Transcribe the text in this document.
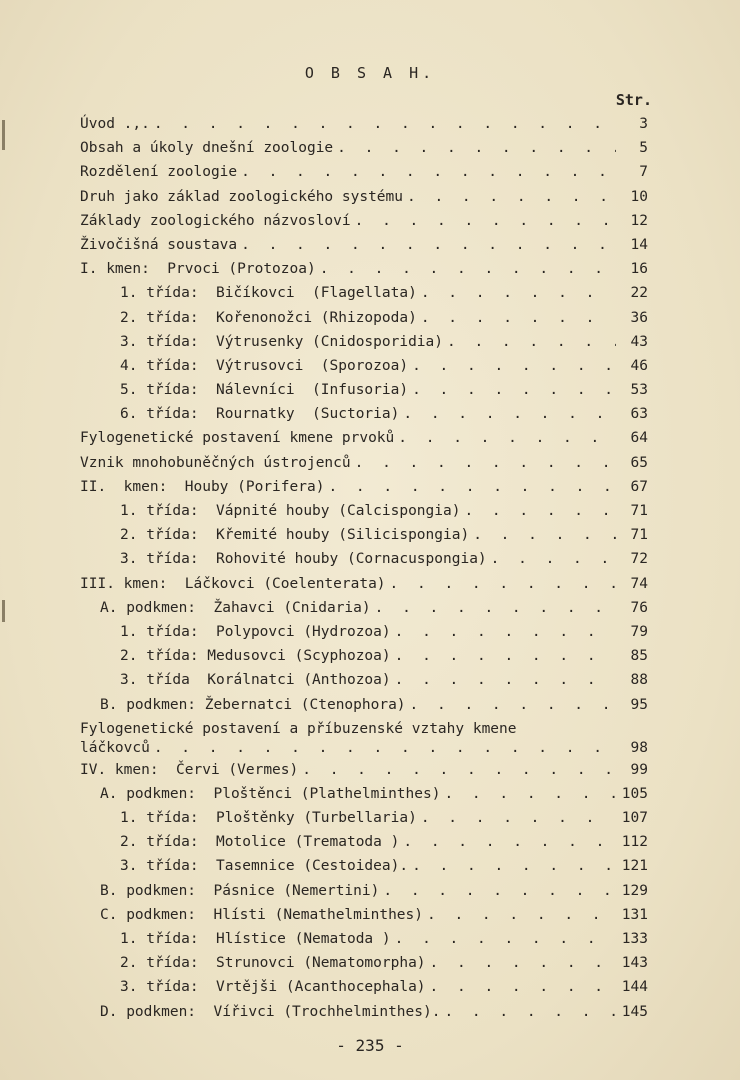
O B S A H.
Str.
Úvod .‚. . . .	3
Obsah a úkoly dnešní zoologie . . .	5
Rozdělení zoologie . . .	7
Druh jako základ zoologického systému . . .	10
Základy zoologického názvosloví . . .	12
Živočišná soustava . . .	14
I. kmen:  Prvoci (Protozoa) . . .	16
1. třída:  Bičíkovci  (Flagellata) . . .	22
2. třída:  Kořenonožci (Rhizopoda) . . .	36
3. třída:  Výtrusenky (Cnidosporidia) . . .	43
4. třída:  Výtrusovci  (Sporozoa) . . .	46
5. třída:  Nálevníci  (Infusoria) . . .	53
6. třída:  Rournatky  (Suctoria) . . .	63
Fylogenetické postavení kmene prvoků . . .	64
Vznik mnohobuněčných ústrojenců . . .	65
II.  kmen:  Houby (Porifera) . . .	67
1. třída:  Vápnité houby (Calcispongia) . . .	71
2. třída:  Křemité houby (Silicispongia) . . .	71
3. třída:  Rohovité houby (Cornacuspongia) . . .	72
III. kmen:  Láčkovci (Coelenterata) . . .	74
A. podkmen:  Žahavci (Cnidaria) . . .	76
1. třída:  Polypovci (Hydrozoa) . . .	79
2. třída: Medusovci (Scyphozoa) . . .	85
3. třída  Korálnatci (Anthozoa) . . .	88
B. podkmen: Žebernatci (Ctenophora) . . .	95
Fylogenetické postavení a příbuzenské vztahy kmene
láčkovců . . .	98
IV. kmen:  Červi (Vermes) . . .	99
A. podkmen:  Ploštěnci (Plathelminthes) . . .	105
1. třída:  Ploštěnky (Turbellaria) . . .	107
2. třída:  Motolice (Trematoda ) . . .	112
3. třída:  Tasemnice (Cestoidea). . . .	121
B. podkmen:  Pásnice (Nemertini) . . .	129
C. podkmen:  Hlísti (Nemathelminthes) . . .	131
1. třída:  Hlístice (Nematoda ) . . .	133
2. třída:  Strunovci (Nematomorpha) . . .	143
3. třída:  Vrtějši (Acanthocephala) . . .	144
D. podkmen:  Vířivci (Trochhelminthes). . . .	145
- 235 -
